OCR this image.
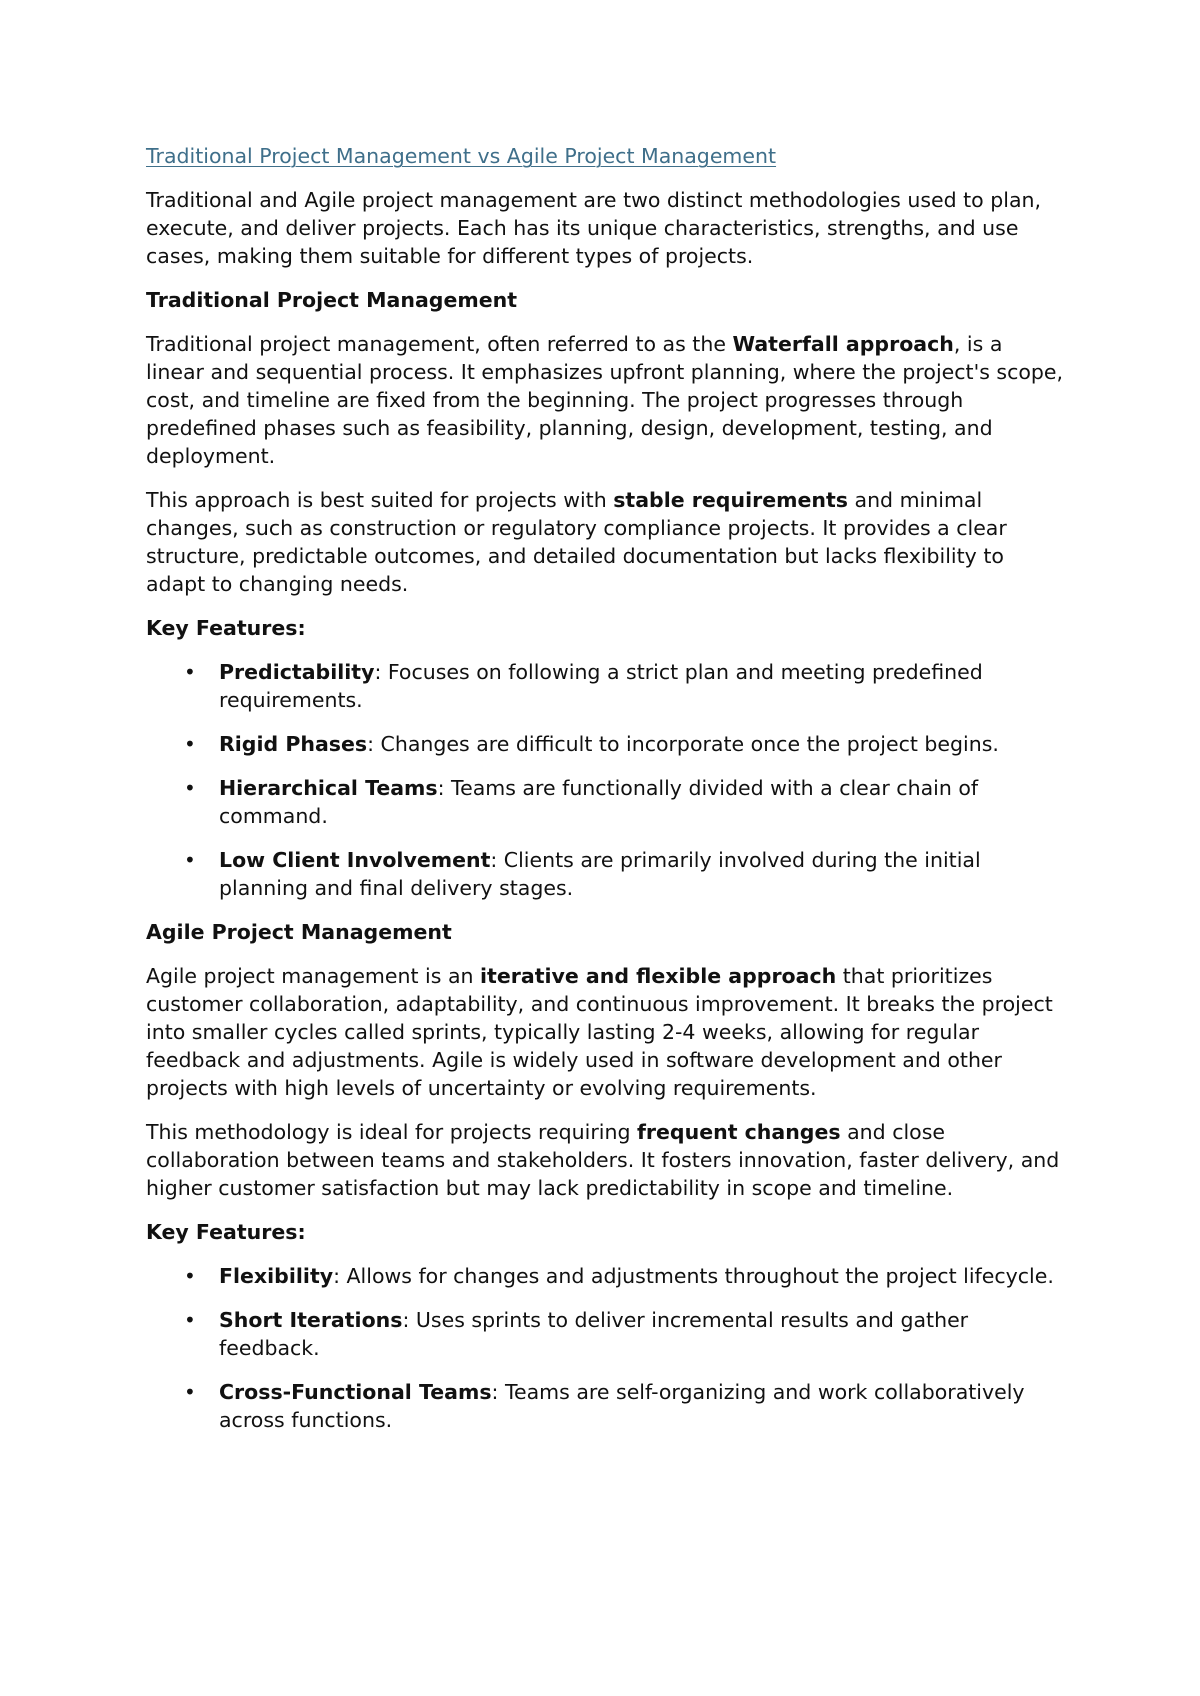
Traditional Project Management vs Agile Project Management

Traditional and Agile project management are two distinct methodologies used to plan, execute, and deliver projects. Each has its unique characteristics, strengths, and use cases, making them suitable for different types of projects.

Traditional Project Management

Traditional project management, often referred to as the Waterfall approach, is a linear and sequential process. It emphasizes upfront planning, where the project's scope, cost, and timeline are fixed from the beginning. The project progresses through predefined phases such as feasibility, planning, design, development, testing, and deployment.

This approach is best suited for projects with stable requirements and minimal changes, such as construction or regulatory compliance projects. It provides a clear structure, predictable outcomes, and detailed documentation but lacks flexibility to adapt to changing needs.

Key Features:
• Predictability: Focuses on following a strict plan and meeting predefined requirements.
• Rigid Phases: Changes are difficult to incorporate once the project begins.
• Hierarchical Teams: Teams are functionally divided with a clear chain of command.
• Low Client Involvement: Clients are primarily involved during the initial planning and final delivery stages.
Agile Project Management

Agile project management is an iterative and flexible approach that prioritizes customer collaboration, adaptability, and continuous improvement. It breaks the project into smaller cycles called sprints, typically lasting 2-4 weeks, allowing for regular feedback and adjustments. Agile is widely used in software development and other projects with high levels of uncertainty or evolving requirements.

This methodology is ideal for projects requiring frequent changes and close collaboration between teams and stakeholders. It fosters innovation, faster delivery, and higher customer satisfaction but may lack predictability in scope and timeline.

Key Features:
• Flexibility: Allows for changes and adjustments throughout the project lifecycle.
• Short Iterations: Uses sprints to deliver incremental results and gather feedback.
• Cross-Functional Teams: Teams are self-organizing and work collaboratively across functions.
